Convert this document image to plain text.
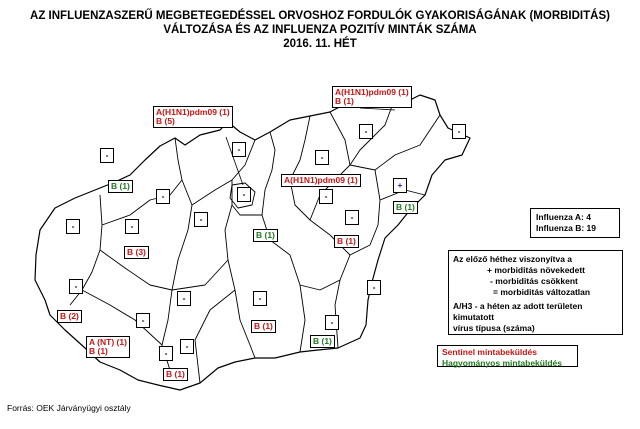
AZ INFLUENZASZERŰ MEGBETEGEDÉSSEL ORVOSHOZ FORDULÓK GYAKORISÁGÁNAK (MORBIDITÁS)
VÁLTOZÁSA ÉS AZ INFLUENZA POZITÍV MINTÁK SZÁMA
2016. 11. HÉT
-
B (1)
-
A(H1N1)pdm09 (1)
B (5)
A(H1N1)pdm09 (1)
B (1)
A(H1N1)pdm09 (1)
-
-	-
-
+
B (1)
-	-
-
-	-
B (1)
B (1)
-
B (3)
-
B (2)
-	-
-
-
B (1)	-
B (1)
A (NT) (1)
B (1)	-
-
B (1)
Influenza A: 4
Influenza B: 19
Az előző héthez viszonyítva a
+ morbiditás növekedett
- morbiditás csökkent
= morbiditás változatlan
A/H3 - a héten az adott területen kimutatott
vírus típusa (száma)
Sentinel mintabeküldés
Hagyományos mintabeküldés
Forrás: OEK Járványügyi osztály
